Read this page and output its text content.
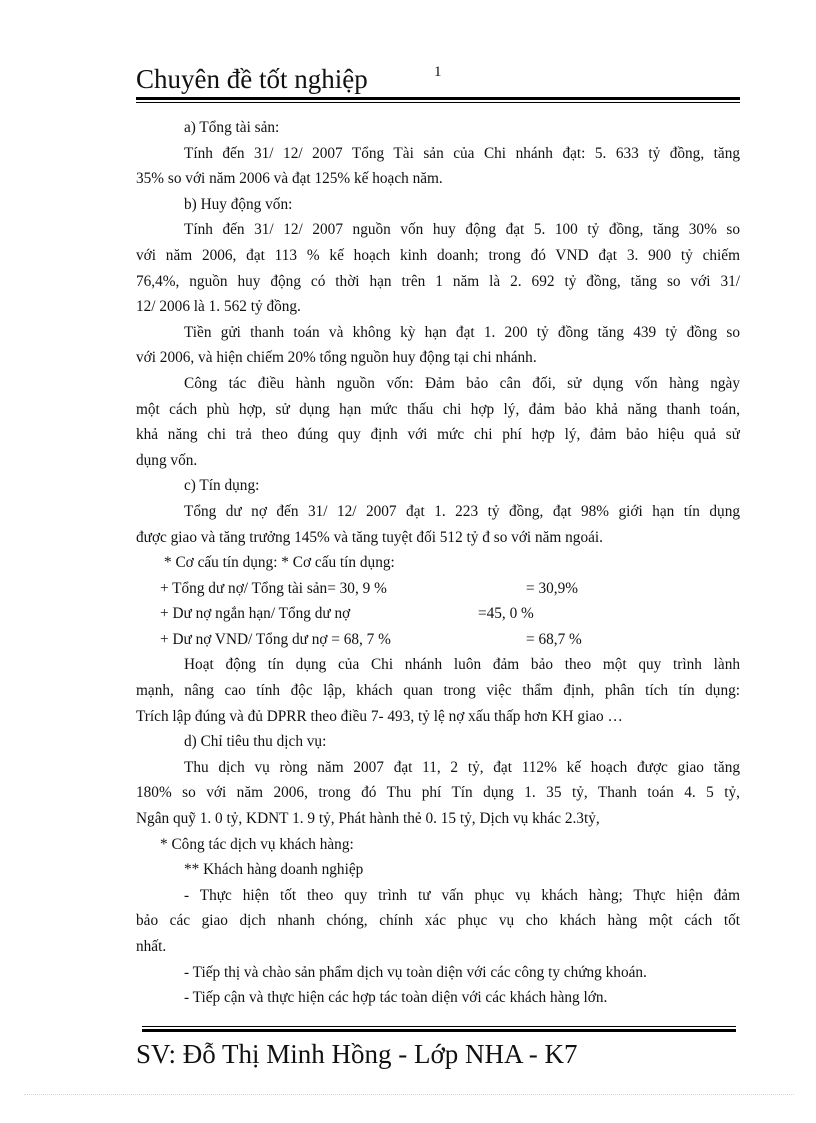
Chuyên đề tốt nghiệp	1
a) Tổng tài sản:
Tính đến 31/ 12/ 2007 Tổng Tài sản của Chi nhánh đạt: 5. 633 tỷ đồng, tăng
35% so với năm 2006 và đạt 125% kế hoạch năm.
b) Huy động vốn:
Tính đến 31/ 12/ 2007 nguồn vốn huy động đạt 5. 100 tỷ đồng, tăng 30% so
với năm 2006, đạt 113 % kế hoạch kinh doanh; trong đó VND đạt 3. 900 tỷ chiếm
76,4%, nguồn huy động có thời hạn trên 1 năm là 2. 692 tỷ đồng, tăng so với 31/
12/ 2006 là 1. 562 tỷ đồng.
Tiền gửi thanh toán và không kỳ hạn đạt 1. 200 tỷ đồng tăng 439 tỷ đồng so
với 2006, và hiện chiếm 20% tổng nguồn huy động tại chi nhánh.
Công tác điều hành nguồn vốn: Đảm bảo cân đối, sử dụng vốn hàng ngày
một cách phù hợp, sử dụng hạn mức thấu chi hợp lý, đảm bảo khả năng thanh toán,
khả năng chi trả theo đúng quy định với mức chi phí hợp lý, đảm bảo hiệu quả sử
dụng vốn.
c) Tín dụng:
Tổng dư nợ đến 31/ 12/ 2007 đạt 1. 223 tỷ đồng, đạt 98% giới hạn tín dụng
được giao và tăng trưởng 145% và tăng tuyệt đối 512 tỷ đ so với năm ngoái.
* Cơ cấu tín dụng: * Cơ cấu tín dụng:
+ Tổng dư nợ/ Tổng tài sản= 30, 9 %	= 30,9%
+ Dư nợ ngắn hạn/ Tổng dư nợ	=45, 0 %
+ Dư nợ VND/ Tổng dư nợ = 68, 7 %	= 68,7 %
Hoạt động tín dụng của Chi nhánh luôn đảm bảo theo một quy trình lành
mạnh, nâng cao tính độc lập, khách quan trong việc thẩm định, phân tích tín dụng:
Trích lập đúng và đủ DPRR theo điều 7- 493, tỷ lệ nợ xấu thấp hơn KH giao …
d) Chỉ tiêu thu dịch vụ:
Thu dịch vụ ròng năm 2007 đạt 11, 2 tỷ, đạt 112% kế hoạch được giao tăng
180% so với năm 2006, trong đó Thu phí Tín dụng 1. 35 tỷ, Thanh toán 4. 5 tỷ,
Ngân quỹ 1. 0 tỷ, KDNT 1. 9 tỷ, Phát hành thẻ 0. 15 tỷ, Dịch vụ khác 2.3tỷ,
* Công tác dịch vụ khách hàng:
** Khách hàng doanh nghiệp
- Thực hiện tốt theo quy trình tư vấn phục vụ khách hàng; Thực hiện đảm
bảo các giao dịch nhanh chóng, chính xác phục vụ cho khách hàng một cách tốt
nhất.
- Tiếp thị và chào sản phẩm dịch vụ toàn diện với các công ty chứng khoán.
- Tiếp cận và thực hiện các hợp tác toàn diện với các khách hàng lớn.
SV: Đỗ Thị Minh Hồng - Lớp NHA - K7
